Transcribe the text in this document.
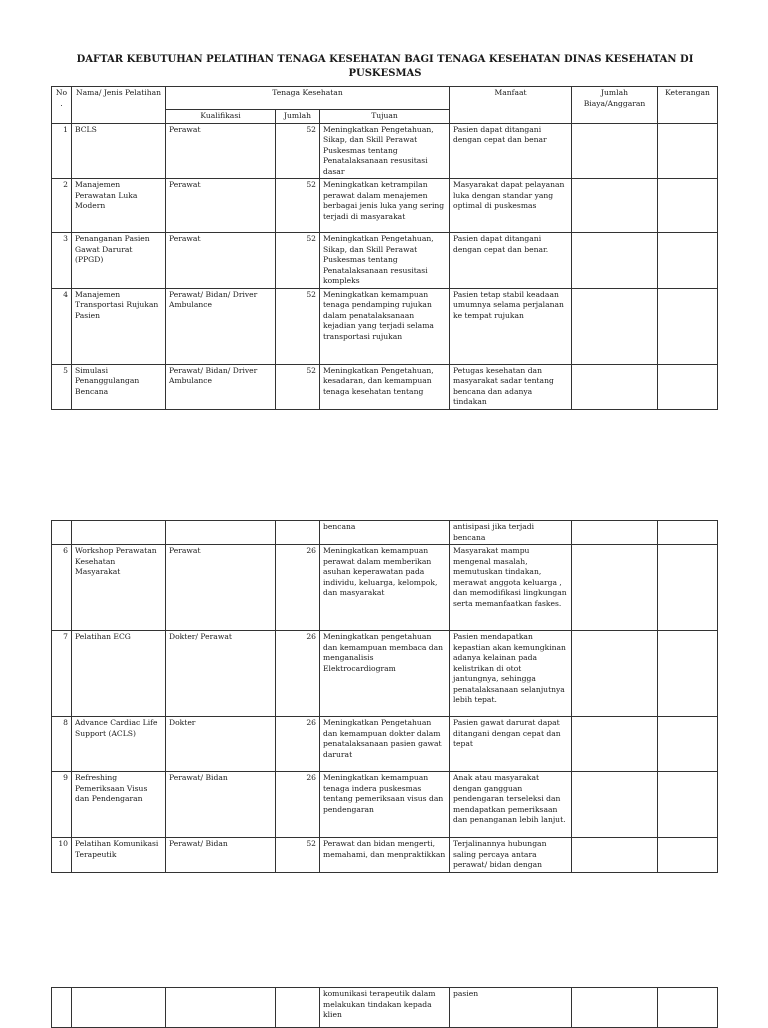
DAFTAR KEBUTUHAN PELATIHAN TENAGA KESEHATAN BAGI TENAGA KESEHATAN DINAS KESEHATAN DI PUSKESMAS
No.	Nama/ Jenis Pelatihan	Tenaga Kesehatan			Manfaat	Jumlah Biaya/Anggaran	Keterangan
		Kualifikasi	Jumlah	Tujuan			
1	BCLS	Perawat	52	Meningkatkan Pengetahuan, Sikap, dan Skill Perawat Puskesmas tentang Penatalaksanaan resusitasi dasar	Pasien dapat ditangani dengan cepat dan benar		
2	Manajemen Perawatan Luka Modern	Perawat	52	Meningkatkan ketrampilan perawat dalam menajemen berbagai jenis luka yang sering terjadi di masyarakat	Masyarakat dapat pelayanan luka dengan standar yang optimal di puskesmas		
3	Penanganan Pasien Gawat Darurat (PPGD)	Perawat	52	Meningkatkan Pengetahuan, Sikap, dan Skill Perawat Puskesmas tentang Penatalaksanaan resusitasi kompleks	Pasien dapat ditangani dengan cepat dan benar.		
4	Manajemen Transportasi Rujukan Pasien	Perawat/ Bidan/ Driver Ambulance	52	Meningkatkan kemampuan tenaga pendamping rujukan dalam penatalaksanaan kejadian yang terjadi selama transportasi rujukan	Pasien tetap stabil keadaan umumnya selama perjalanan ke tempat rujukan		
5	Simulasi Penanggulangan Bencana	Perawat/ Bidan/ Driver Ambulance	52	Meningkatkan Pengetahuan, kesadaran, dan kemampuan tenaga kesehatan tentang	Petugas kesehatan dan masyarakat sadar tentang bencana dan adanya tindakan		
				bencana	antisipasi jika terjadi bencana		
6	Workshop Perawatan Kesehatan Masyarakat	Perawat	26	Meningkatkan kemampuan perawat dalam memberikan asuhan keperawatan pada individu, keluarga, kelompok, dan masyarakat	Masyarakat mampu mengenal masalah, memutuskan tindakan, merawat anggota keluarga , dan memodifikasi lingkungan serta memanfaatkan faskes.		
7	Pelatihan ECG	Dokter/ Perawat	26	Meningkatkan pengetahuan dan kemampuan membaca dan menganalisis Elektrocardiogram	Pasien mendapatkan kepastian akan kemungkinan adanya kelainan pada kelistrikan di otot jantungnya, sehingga penatalaksanaan selanjutnya lebih tepat.		
8	Advance Cardiac Life Support (ACLS)	Dokter	26	Meningkatkan Pengetahuan dan kemampuan dokter dalam penatalaksanaan pasien gawat darurat	Pasien gawat darurat dapat ditangani dengan cepat dan tepat		
9	Refreshing Pemeriksaan Visus dan Pendengaran	Perawat/ Bidan	26	Meningkatkan kemampuan tenaga indera puskesmas tentang pemeriksaan visus dan pendengaran	Anak atau masyarakat dengan gangguan pendengaran terseleksi dan mendapatkan pemeriksaan dan penanganan lebih lanjut.		
10	Pelatihan Komunikasi Terapeutik	Perawat/ Bidan	52	Perawat dan bidan mengerti, memahami, dan menpraktikkan	Terjalinannya hubungan saling percaya antara perawat/ bidan dengan		
				komunikasi terapeutik dalam melakukan tindakan kepada klien	pasien		
